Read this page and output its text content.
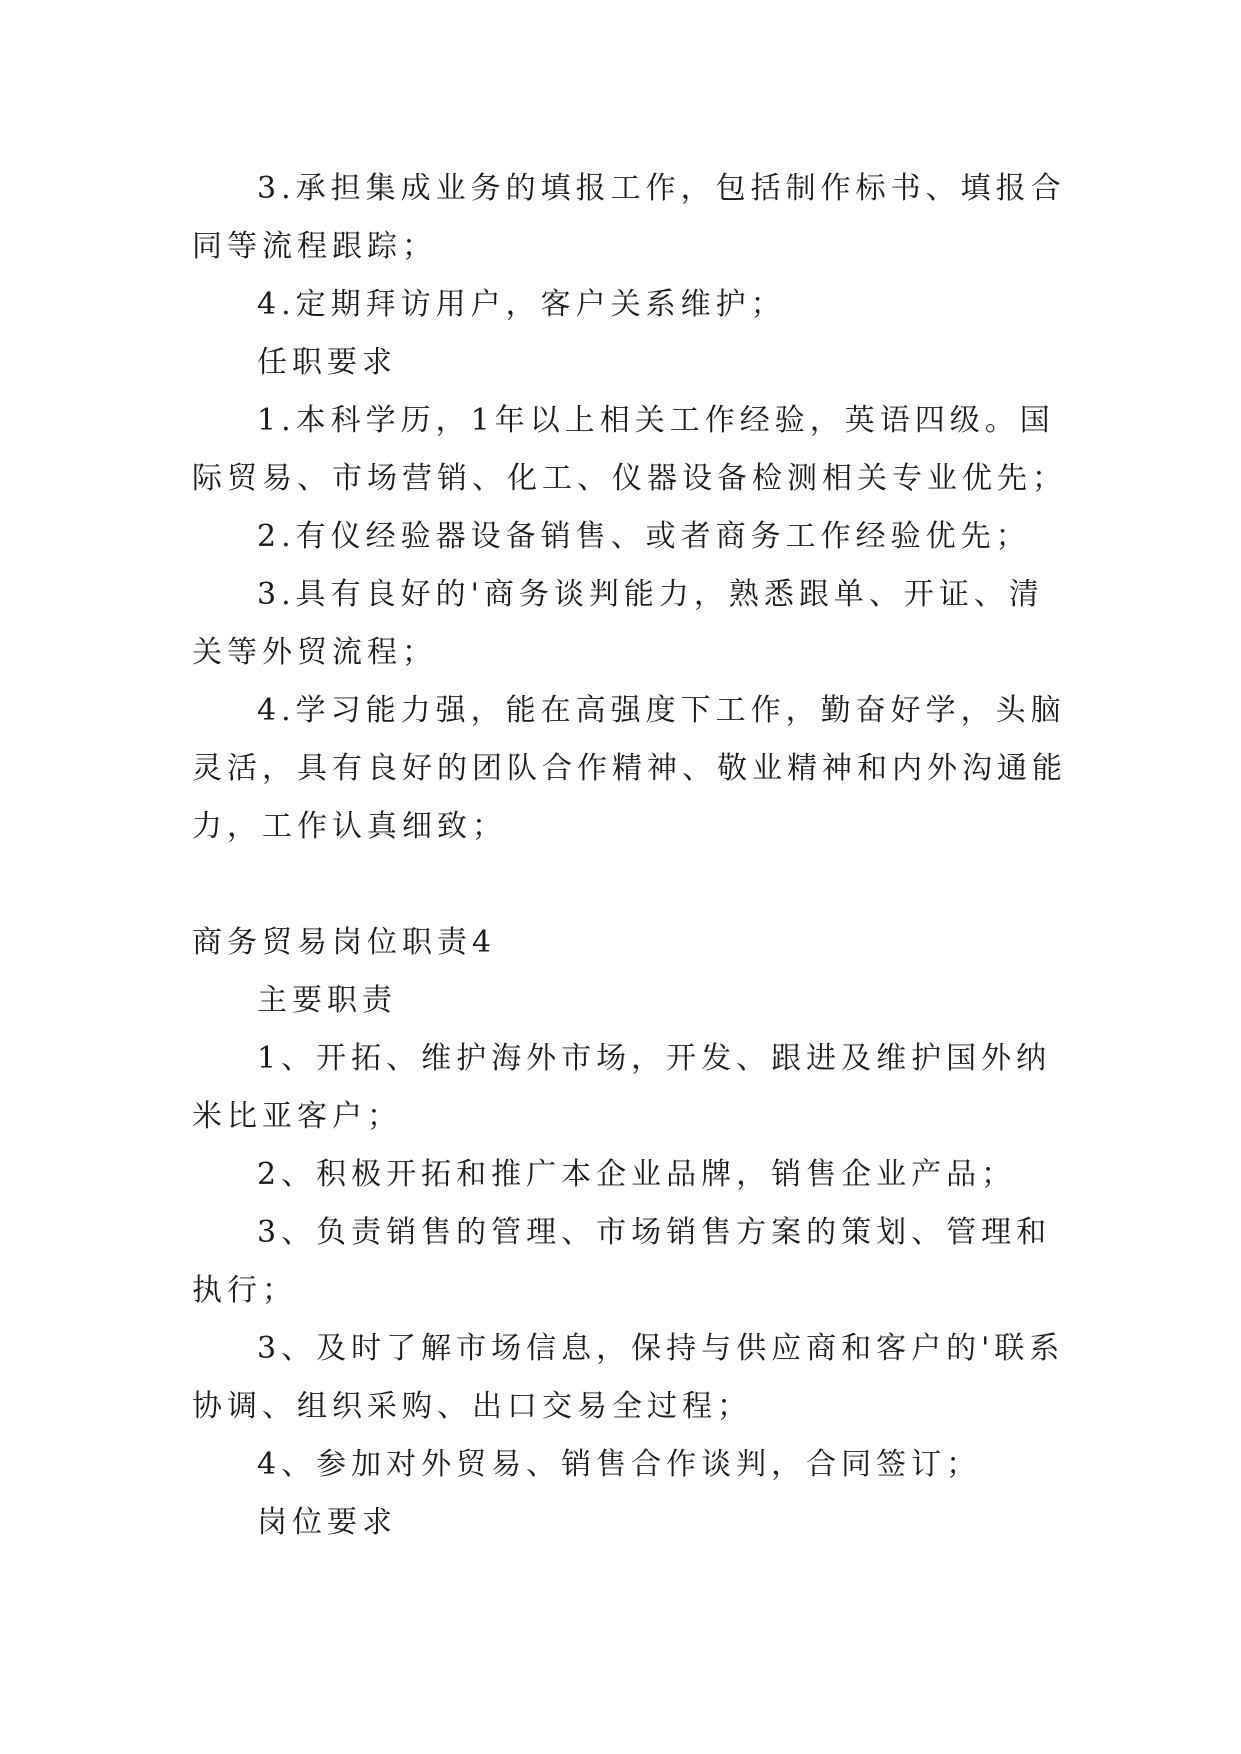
3.承担集成业务的填报工作，包括制作标书、填报合同等流程跟踪；

4.定期拜访用户，客户关系维护；

任职要求

1.本科学历，1年以上相关工作经验，英语四级。国际贸易、市场营销、化工、仪器设备检测相关专业优先；

2.有仪经验器设备销售、或者商务工作经验优先；

3.具有良好的'商务谈判能力，熟悉跟单、开证、清关等外贸流程；

4.学习能力强，能在高强度下工作，勤奋好学，头脑灵活，具有良好的团队合作精神、敬业精神和内外沟通能力，工作认真细致；

商务贸易岗位职责4

主要职责

1、开拓、维护海外市场，开发、跟进及维护国外纳米比亚客户；

2、积极开拓和推广本企业品牌，销售企业产品；

3、负责销售的管理、市场销售方案的策划、管理和执行；

3、及时了解市场信息，保持与供应商和客户的'联系协调、组织采购、出口交易全过程；

4、参加对外贸易、销售合作谈判，合同签订；

岗位要求
